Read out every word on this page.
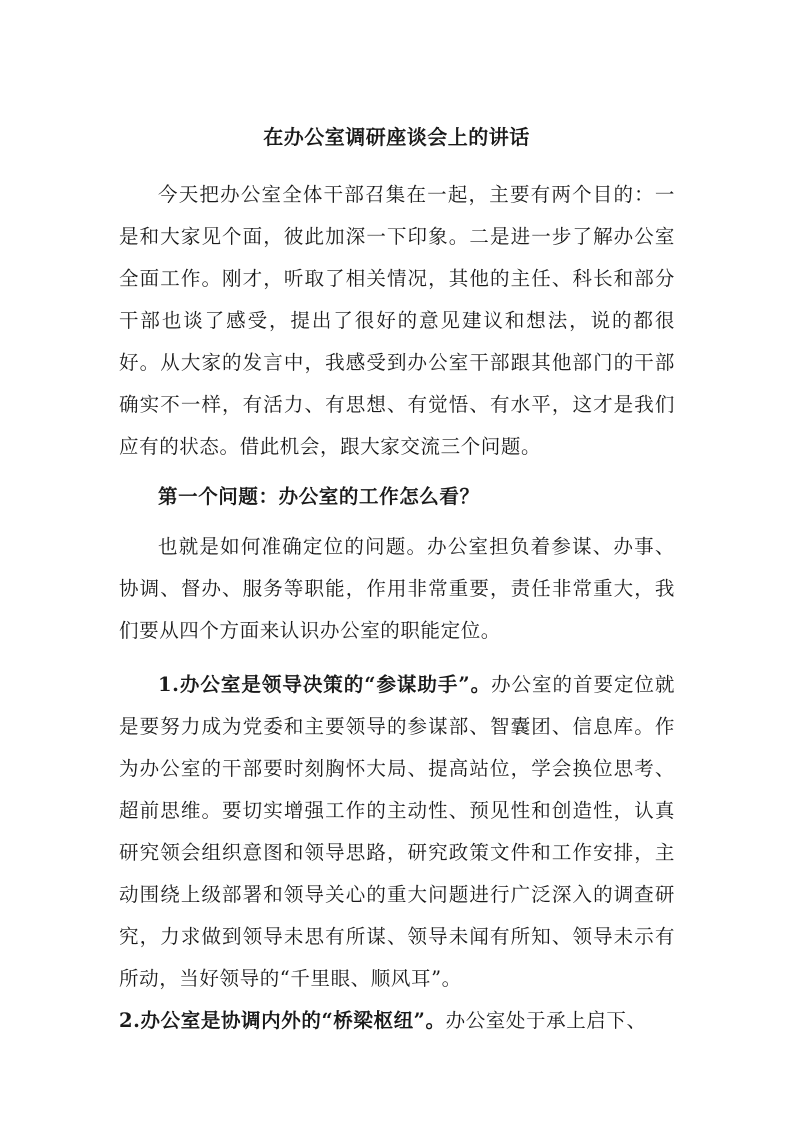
在办公室调研座谈会上的讲话

今天把办公室全体干部召集在一起，主要有两个目的：一是和大家见个面，彼此加深一下印象。二是进一步了解办公室全面工作。刚才，听取了相关情况，其他的主任、科长和部分干部也谈了感受，提出了很好的意见建议和想法，说的都很好。从大家的发言中，我感受到办公室干部跟其他部门的干部确实不一样，有活力、有思想、有觉悟、有水平，这才是我们应有的状态。借此机会，跟大家交流三个问题。

第一个问题：办公室的工作怎么看？

也就是如何准确定位的问题。办公室担负着参谋、办事、协调、督办、服务等职能，作用非常重要，责任非常重大，我们要从四个方面来认识办公室的职能定位。

1.办公室是领导决策的“参谋助手”。办公室的首要定位就是要努力成为党委和主要领导的参谋部、智囊团、信息库。作为办公室的干部要时刻胸怀大局、提高站位，学会换位思考、超前思维。要切实增强工作的主动性、预见性和创造性，认真研究领会组织意图和领导思路，研究政策文件和工作安排，主动围绕上级部署和领导关心的重大问题进行广泛深入的调查研究，力求做到领导未思有所谋、领导未闻有所知、领导未示有所动，当好领导的“千里眼、顺风耳”。

2.办公室是协调内外的“桥梁枢纽”。办公室处于承上启下、
